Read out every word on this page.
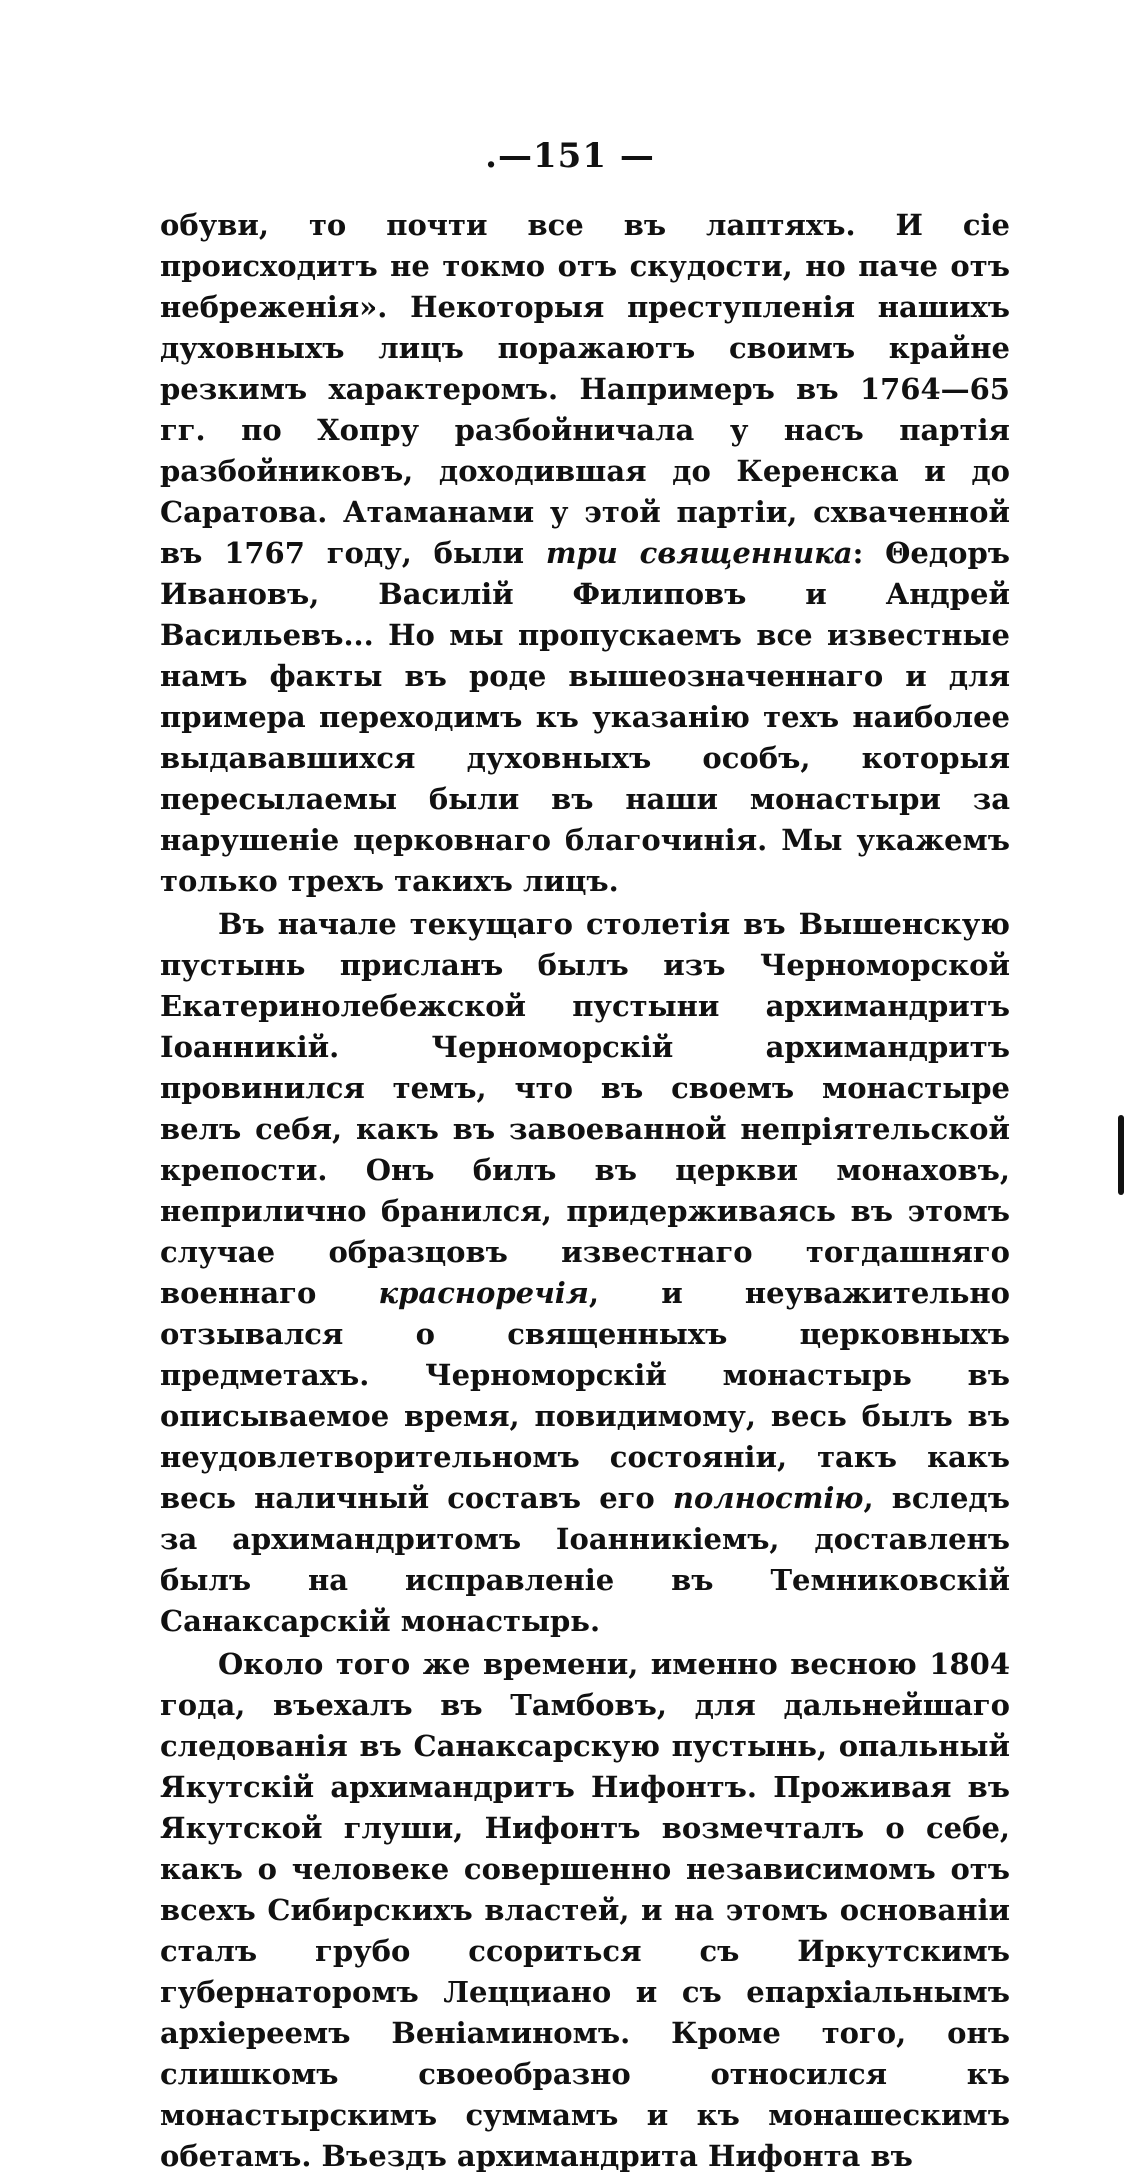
.—151 —

обуви, то почти все въ лаптяхъ. И сіе происходитъ не токмо отъ скудости, но паче отъ небреженія». Некоторыя преступленія нашихъ духовныхъ лицъ поражаютъ своимъ крайне резкимъ характеромъ. Напримеръ въ 1764—65 гг. по Хопру разбойничала у насъ партія разбойниковъ, доходившая до Керенска и до Саратова. Атаманами у этой партіи, схваченной въ 1767 году, были три священника: Θедоръ Ивановъ, Василій Филиповъ и Андрей Васильевъ... Но мы пропускаемъ все известные намъ факты въ роде вышеозначеннаго и для примера переходимъ къ указанію техъ наиболее выдававшихся духовныхъ особъ, которыя пересылаемы были въ наши монастыри за нарушеніе церковнаго благочинія. Мы укажемъ только трехъ такихъ лицъ.

Въ начале текущаго столетія въ Вышенскую пустынь присланъ былъ изъ Черноморской Екатеринолебежской пустыни архимандритъ Іоанникій. Черноморскій архимандритъ провинился темъ, что въ своемъ монастыре велъ себя, какъ въ завоеванной непріятельской крепости. Онъ билъ въ церкви монаховъ, неприлично бранился, придерживаясь въ этомъ случае образцовъ известнаго тогдашняго военнаго красноречія, и неуважительно отзывался о священныхъ церковныхъ предметахъ. Черноморскій монастырь въ описываемое время, повидимому, весь былъ въ неудовлетворительномъ состояніи, такъ какъ весь наличный составъ его полностію, вследъ за архимандритомъ Іоанникіемъ, доставленъ былъ на исправленіе въ Темниковскій Санаксарскій монастырь.

Около того же времени, именно весною 1804 года, въехалъ въ Тамбовъ, для дальнейшаго следованія въ Санаксарскую пустынь, опальный Якутскій архимандритъ Нифонтъ. Проживая въ Якутской глуши, Нифонтъ возмечталъ о себе, какъ о человеке совершенно независимомъ отъ всехъ Сибирскихъ властей, и на этомъ основаніи сталъ грубо ссориться съ Иркутскимъ губернаторомъ Лецциано и съ епархіальнымъ архіереемъ Веніаминомъ. Кроме того, онъ слишкомъ своеобразно относился къ монастырскимъ суммамъ и къ монашескимъ обетамъ. Въездъ архимандрита Нифонта въ
